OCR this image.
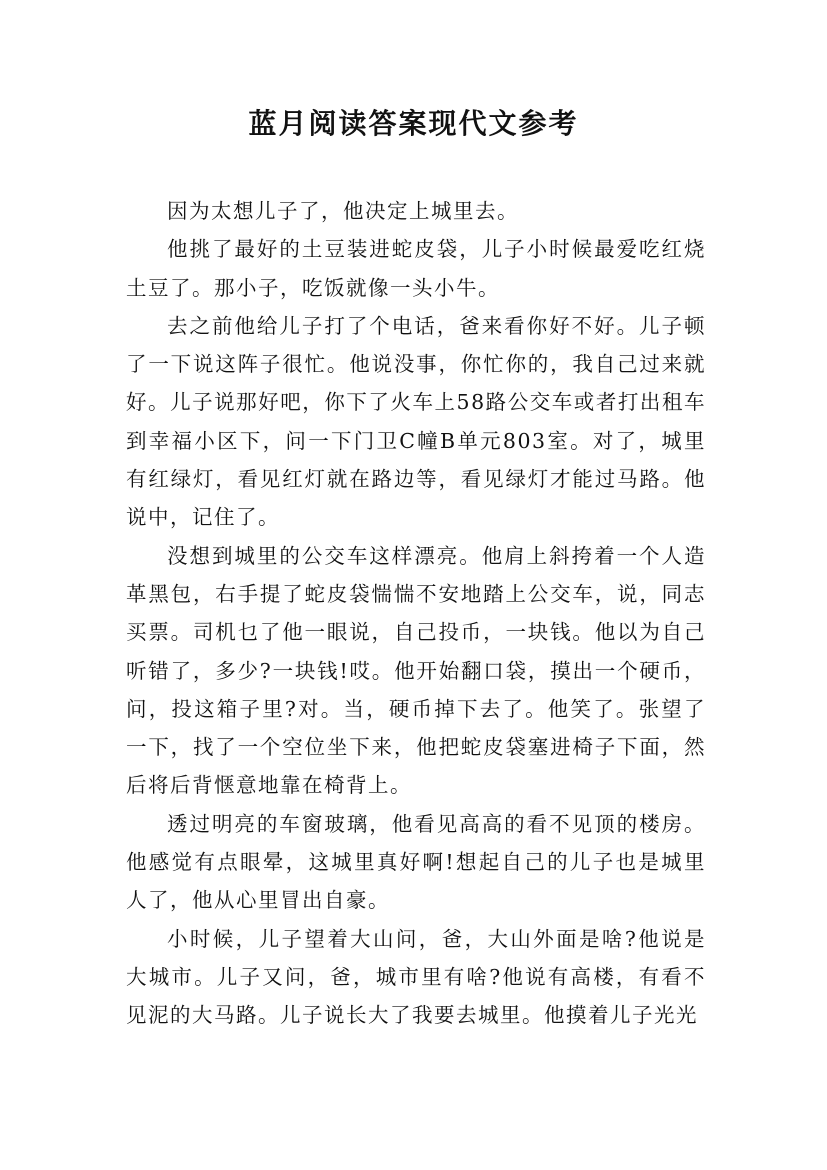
蓝月阅读答案现代文参考

因为太想儿子了，他决定上城里去。

他挑了最好的土豆装进蛇皮袋，儿子小时候最爱吃红烧土豆了。那小子，吃饭就像一头小牛。

去之前他给儿子打了个电话，爸来看你好不好。儿子顿了一下说这阵子很忙。他说没事，你忙你的，我自己过来就好。儿子说那好吧，你下了火车上58路公交车或者打出租车到幸福小区下，问一下门卫C幢B单元803室。对了，城里有红绿灯，看见红灯就在路边等，看见绿灯才能过马路。他说中，记住了。

没想到城里的公交车这样漂亮。他肩上斜挎着一个人造革黑包，右手提了蛇皮袋惴惴不安地踏上公交车，说，同志买票。司机乜了他一眼说，自己投币，一块钱。他以为自己听错了，多少?一块钱!哎。他开始翻口袋，摸出一个硬币，问，投这箱子里?对。当，硬币掉下去了。他笑了。张望了一下，找了一个空位坐下来，他把蛇皮袋塞进椅子下面，然后将后背惬意地靠在椅背上。

透过明亮的车窗玻璃，他看见高高的看不见顶的楼房。他感觉有点眼晕，这城里真好啊!想起自己的儿子也是城里人了，他从心里冒出自豪。

小时候，儿子望着大山问，爸，大山外面是啥?他说是大城市。儿子又问，爸，城市里有啥?他说有高楼，有看不见泥的大马路。儿子说长大了我要去城里。他摸着儿子光光
